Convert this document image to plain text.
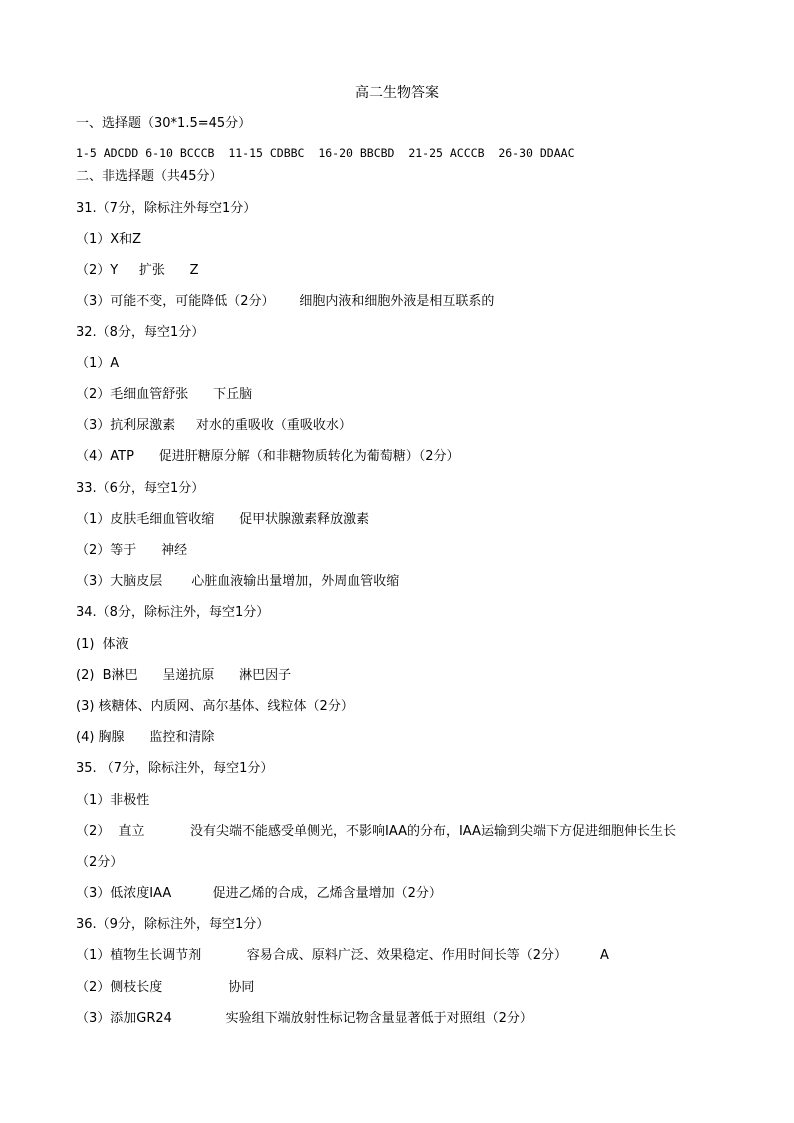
高二生物答案
一、选择题（30*1.5=45分）
1-5 ADCDD 6-10 BCCCB  11-15 CDBBC  16-20 BBCBD  21-25 ACCCB  26-30 DDAAC
二、非选择题（共45分）
31.（7分，除标注外每空1分）
（1）X和Z
（2）Y     扩张      Z
（3）可能不变，可能降低（2分）      细胞内液和细胞外液是相互联系的
32.（8分，每空1分）
（1）A
（2）毛细血管舒张      下丘脑
（3）抗利尿激素     对水的重吸收（重吸收水）
（4）ATP      促进肝糖原分解（和非糖物质转化为葡萄糖）（2分）
33.（6分，每空1分）
（1）皮肤毛细血管收缩      促甲状腺激素释放激素
（2）等于      神经
（3）大脑皮层       心脏血液输出量增加，外周血管收缩
34.（8分，除标注外，每空1分）
(1)  体液
(2)  B淋巴      呈递抗原      淋巴因子
(3) 核糖体、内质网、高尔基体、线粒体（2分）
(4) 胸腺      监控和清除
35. （7分，除标注外，每空1分）
（1）非极性
（2）  直立           没有尖端不能感受单侧光，不影响IAA的分布，IAA运输到尖端下方促进细胞伸长生长
（2分）
（3）低浓度IAA          促进乙烯的合成，乙烯含量增加（2分）
36.（9分，除标注外，每空1分）
（1）植物生长调节剂           容易合成、原料广泛、效果稳定、作用时间长等（2分）        A
（2）侧枝长度                协同
（3）添加GR24             实验组下端放射性标记物含量显著低于对照组（2分）
